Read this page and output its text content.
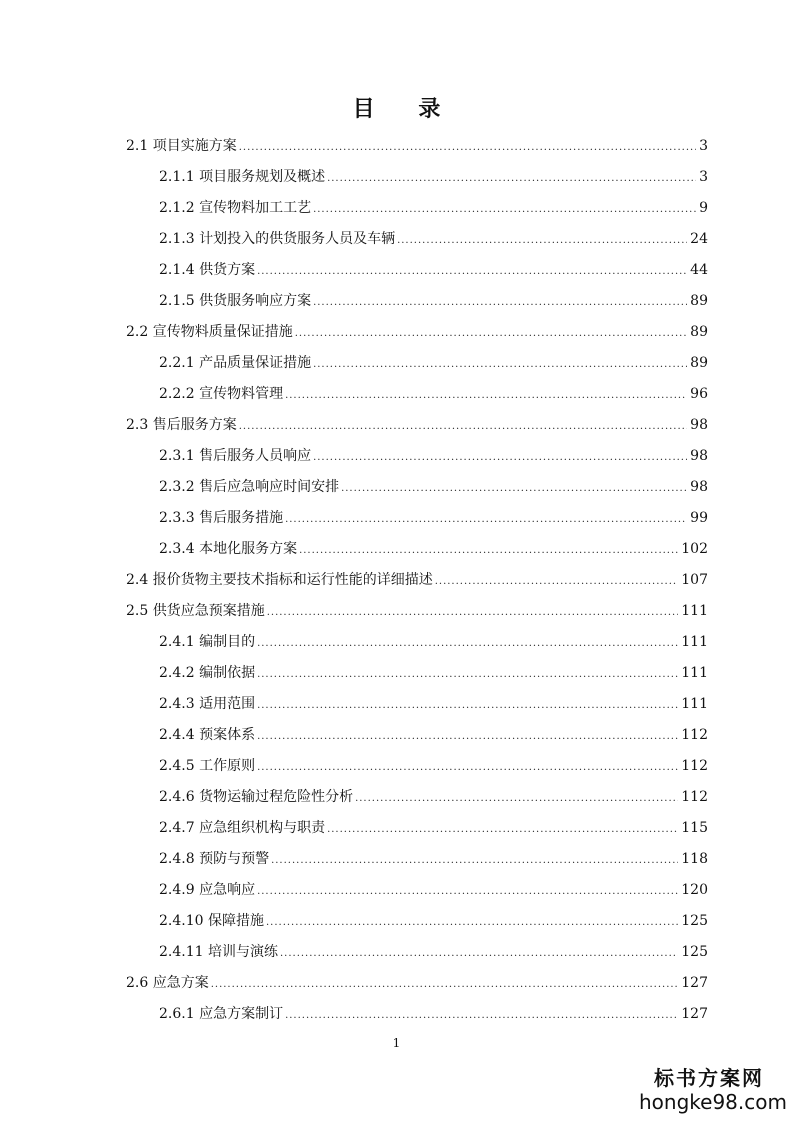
目 录
2.1 项目实施方案 .....	3
2.1.1 项目服务规划及概述 .....	3
2.1.2 宣传物料加工工艺 .....	9
2.1.3 计划投入的供货服务人员及车辆 .....	24
2.1.4 供货方案 .....	44
2.1.5 供货服务响应方案 .....	89
2.2 宣传物料质量保证措施 .....	89
2.2.1 产品质量保证措施 .....	89
2.2.2 宣传物料管理 .....	96
2.3 售后服务方案 .....	98
2.3.1 售后服务人员响应 .....	98
2.3.2 售后应急响应时间安排 .....	98
2.3.3 售后服务措施 .....	99
2.3.4 本地化服务方案 .....	102
2.4 报价货物主要技术指标和运行性能的详细描述 .....	107
2.5 供货应急预案措施 .....	111
2.4.1 编制目的 .....	111
2.4.2 编制依据 .....	111
2.4.3 适用范围 .....	111
2.4.4 预案体系 .....	112
2.4.5 工作原则 .....	112
2.4.6 货物运输过程危险性分析 .....	112
2.4.7 应急组织机构与职责 .....	115
2.4.8 预防与预警 .....	118
2.4.9 应急响应 .....	120
2.4.10 保障措施 .....	125
2.4.11 培训与演练 .....	125
2.6 应急方案 .....	127
2.6.1 应急方案制订 .....	127
1
标书方案网
hongke98.com
